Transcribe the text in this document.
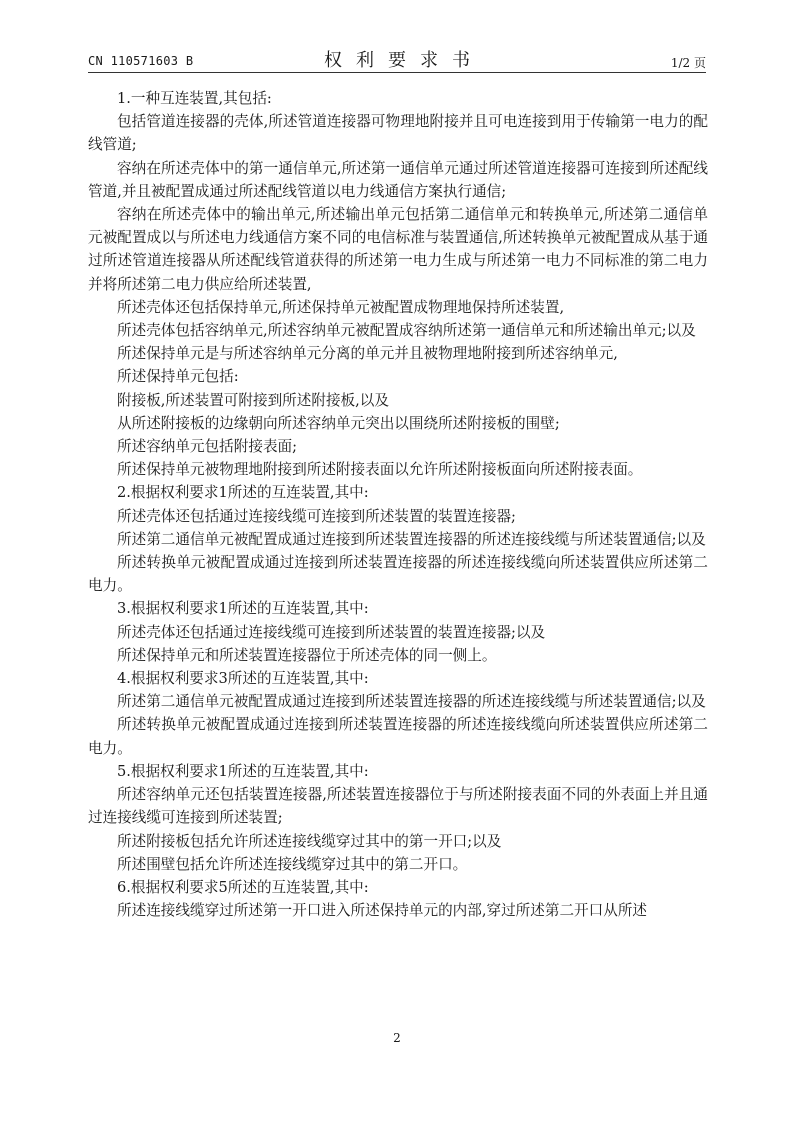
CN 110571603 B	权利要求书	1/2 页

1.一种互连装置,其包括:

包括管道连接器的壳体,所述管道连接器可物理地附接并且可电连接到用于传输第一电力的配线管道;

容纳在所述壳体中的第一通信单元,所述第一通信单元通过所述管道连接器可连接到所述配线管道,并且被配置成通过所述配线管道以电力线通信方案执行通信;

容纳在所述壳体中的输出单元,所述输出单元包括第二通信单元和转换单元,所述第二通信单元被配置成以与所述电力线通信方案不同的电信标准与装置通信,所述转换单元被配置成从基于通过所述管道连接器从所述配线管道获得的所述第一电力生成与所述第一电力不同标准的第二电力并将所述第二电力供应给所述装置,

所述壳体还包括保持单元,所述保持单元被配置成物理地保持所述装置,

所述壳体包括容纳单元,所述容纳单元被配置成容纳所述第一通信单元和所述输出单元;以及

所述保持单元是与所述容纳单元分离的单元并且被物理地附接到所述容纳单元,

所述保持单元包括:

附接板,所述装置可附接到所述附接板,以及

从所述附接板的边缘朝向所述容纳单元突出以围绕所述附接板的围壁;

所述容纳单元包括附接表面;

所述保持单元被物理地附接到所述附接表面以允许所述附接板面向所述附接表面。

2.根据权利要求1所述的互连装置,其中:

所述壳体还包括通过连接线缆可连接到所述装置的装置连接器;

所述第二通信单元被配置成通过连接到所述装置连接器的所述连接线缆与所述装置通信;以及

所述转换单元被配置成通过连接到所述装置连接器的所述连接线缆向所述装置供应所述第二电力。

3.根据权利要求1所述的互连装置,其中:

所述壳体还包括通过连接线缆可连接到所述装置的装置连接器;以及

所述保持单元和所述装置连接器位于所述壳体的同一侧上。

4.根据权利要求3所述的互连装置,其中:

所述第二通信单元被配置成通过连接到所述装置连接器的所述连接线缆与所述装置通信;以及

所述转换单元被配置成通过连接到所述装置连接器的所述连接线缆向所述装置供应所述第二电力。

5.根据权利要求1所述的互连装置,其中:

所述容纳单元还包括装置连接器,所述装置连接器位于与所述附接表面不同的外表面上并且通过连接线缆可连接到所述装置;

所述附接板包括允许所述连接线缆穿过其中的第一开口;以及

所述围壁包括允许所述连接线缆穿过其中的第二开口。

6.根据权利要求5所述的互连装置,其中:

所述连接线缆穿过所述第一开口进入所述保持单元的内部,穿过所述第二开口从所述

2
